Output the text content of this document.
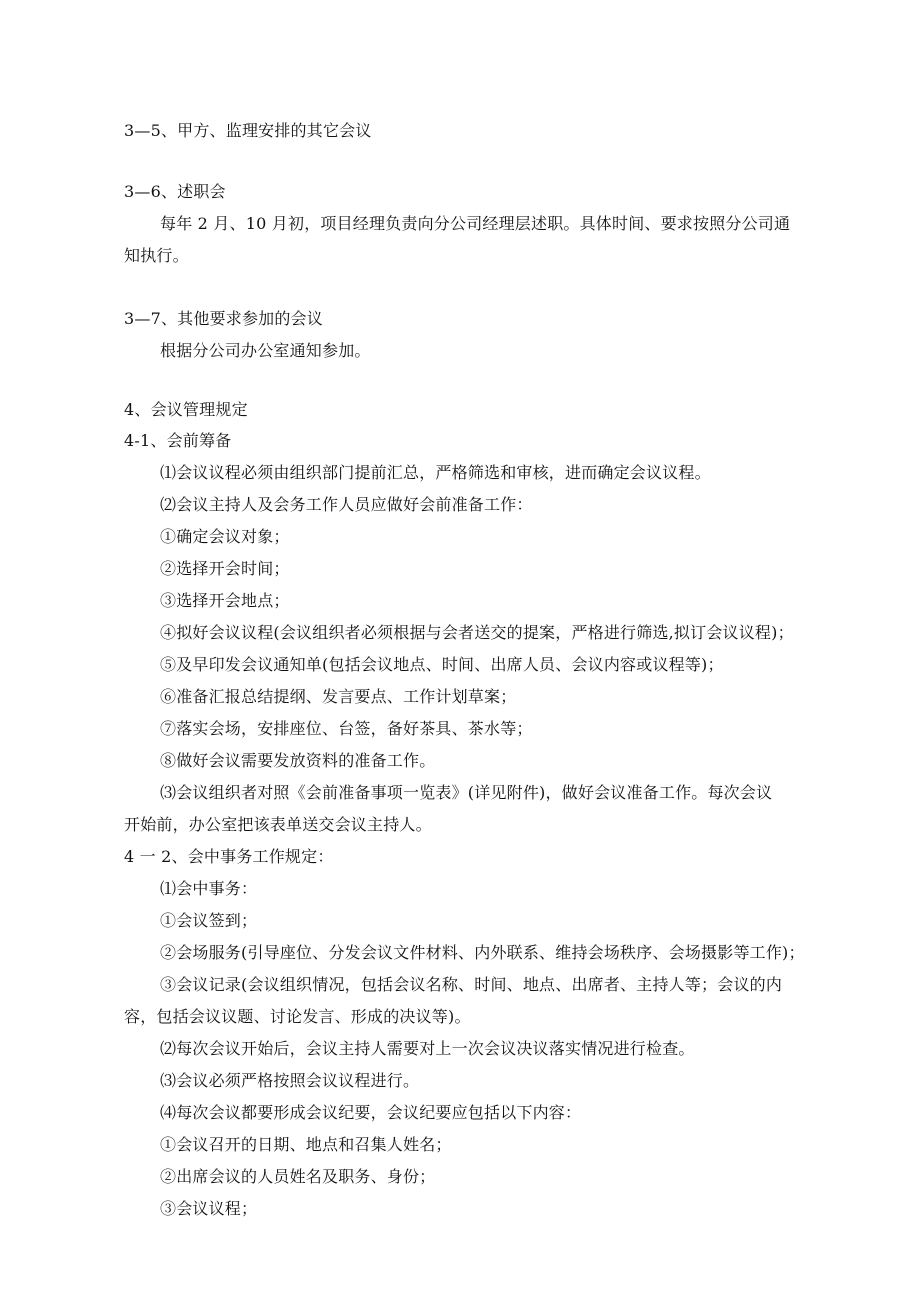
3—5、甲方、监理安排的其它会议
3—6、述职会
每年 2 月、10 月初，项目经理负责向分公司经理层述职。具体时间、要求按照分公司通
知执行。
3—7、其他要求参加的会议
根据分公司办公室通知参加。
4、会议管理规定
4-1、会前筹备
⑴会议议程必须由组织部门提前汇总，严格筛选和审核，进而确定会议议程。
⑵会议主持人及会务工作人员应做好会前准备工作：
①确定会议对象；
②选择开会时间；
③选择开会地点；
④拟好会议议程(会议组织者必须根据与会者送交的提案，严格进行筛选,拟订会议议程)；
⑤及早印发会议通知单(包括会议地点、时间、出席人员、会议内容或议程等)；
⑥准备汇报总结提纲、发言要点、工作计划草案；
⑦落实会场，安排座位、台签，备好茶具、茶水等；
⑧做好会议需要发放资料的准备工作。
⑶会议组织者对照《会前准备事项一览表》(详见附件)，做好会议准备工作。每次会议
开始前，办公室把该表单送交会议主持人。
4 一 2、会中事务工作规定：
⑴会中事务：
①会议签到；
②会场服务(引导座位、分发会议文件材料、内外联系、维持会场秩序、会场摄影等工作)；
③会议记录(会议组织情况，包括会议名称、时间、地点、出席者、主持人等；会议的内
容，包括会议议题、讨论发言、形成的决议等)。
⑵每次会议开始后，会议主持人需要对上一次会议决议落实情况进行检查。
⑶会议必须严格按照会议议程进行。
⑷每次会议都要形成会议纪要，会议纪要应包括以下内容：
①会议召开的日期、地点和召集人姓名；
②出席会议的人员姓名及职务、身份；
③会议议程；
